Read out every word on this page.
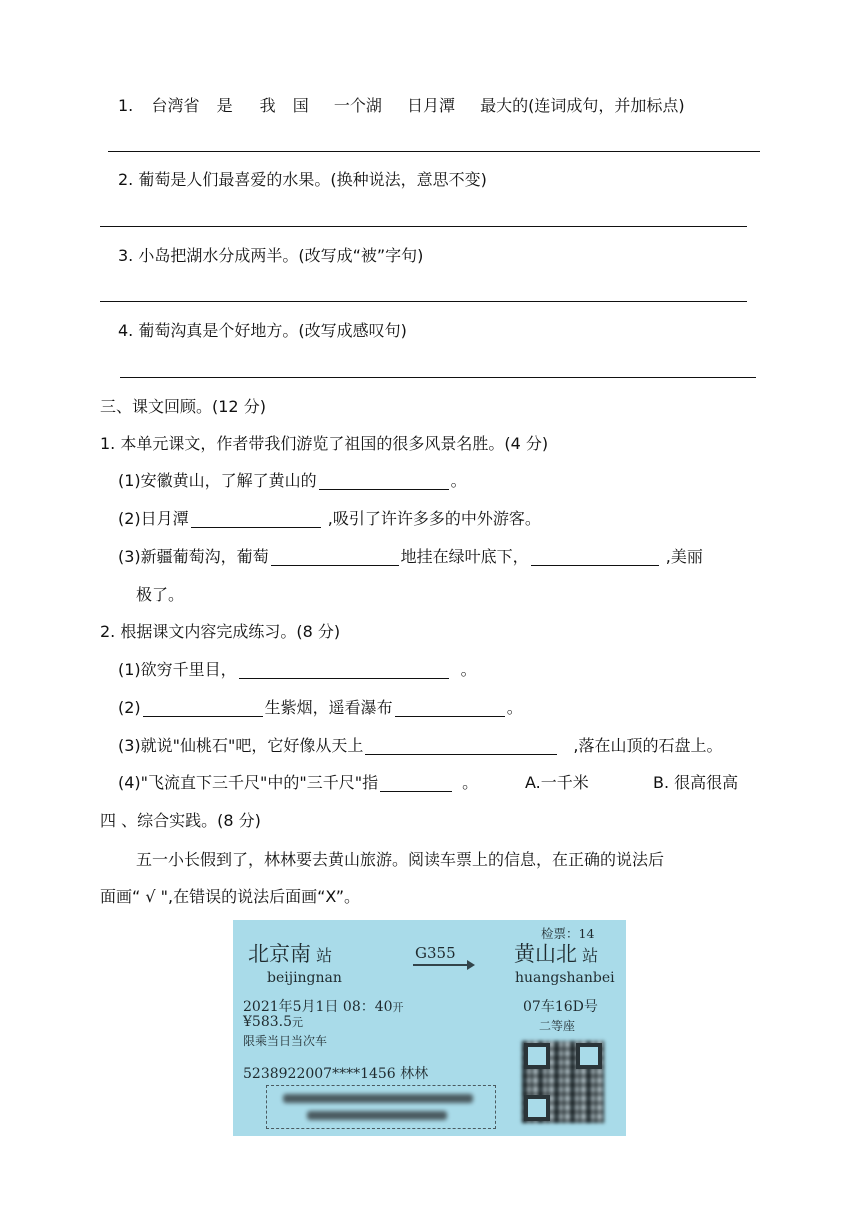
1. 台湾省 是 我 国 一个湖 日月潭 最大的(连词成句，并加标点)
2. 葡萄是人们最喜爱的水果。(换种说法，意思不变)
3. 小岛把湖水分成两半。(改写成“被”字句)
4. 葡萄沟真是个好地方。(改写成感叹句)
三、课文回顾。(12 分)
1. 本单元课文，作者带我们游览了祖国的很多风景名胜。(4 分)
(1)安徽黄山，了解了黄山的	。
(2)日月潭	,吸引了许许多多的中外游客。
(3)新疆葡萄沟，葡萄	地挂在绿叶底下，	,美丽
极了。
2. 根据课文内容完成练习。(8 分)
(1)欲穷千里目，	。
(2)	生紫烟，遥看瀑布	。
(3)就说"仙桃石"吧，它好像从天上	,落在山顶的石盘上。
(4)"飞流直下三千尺"中的"三千尺"指	。	A.一千米	B. 很高很高
四 、综合实践。(8 分)
五一小长假到了，林林要去黄山旅游。阅读车票上的信息，在正确的说法后
面画“ √ ",在错误的说法后面画“X”。
检票：14
北京南 站
beijingnan
G355	黄山北 站
huangshanbei
2021年5月1日 08：40开	07车16D号
二等座
¥583.5元
限乘当日当次车
5238922007****1456 林林
